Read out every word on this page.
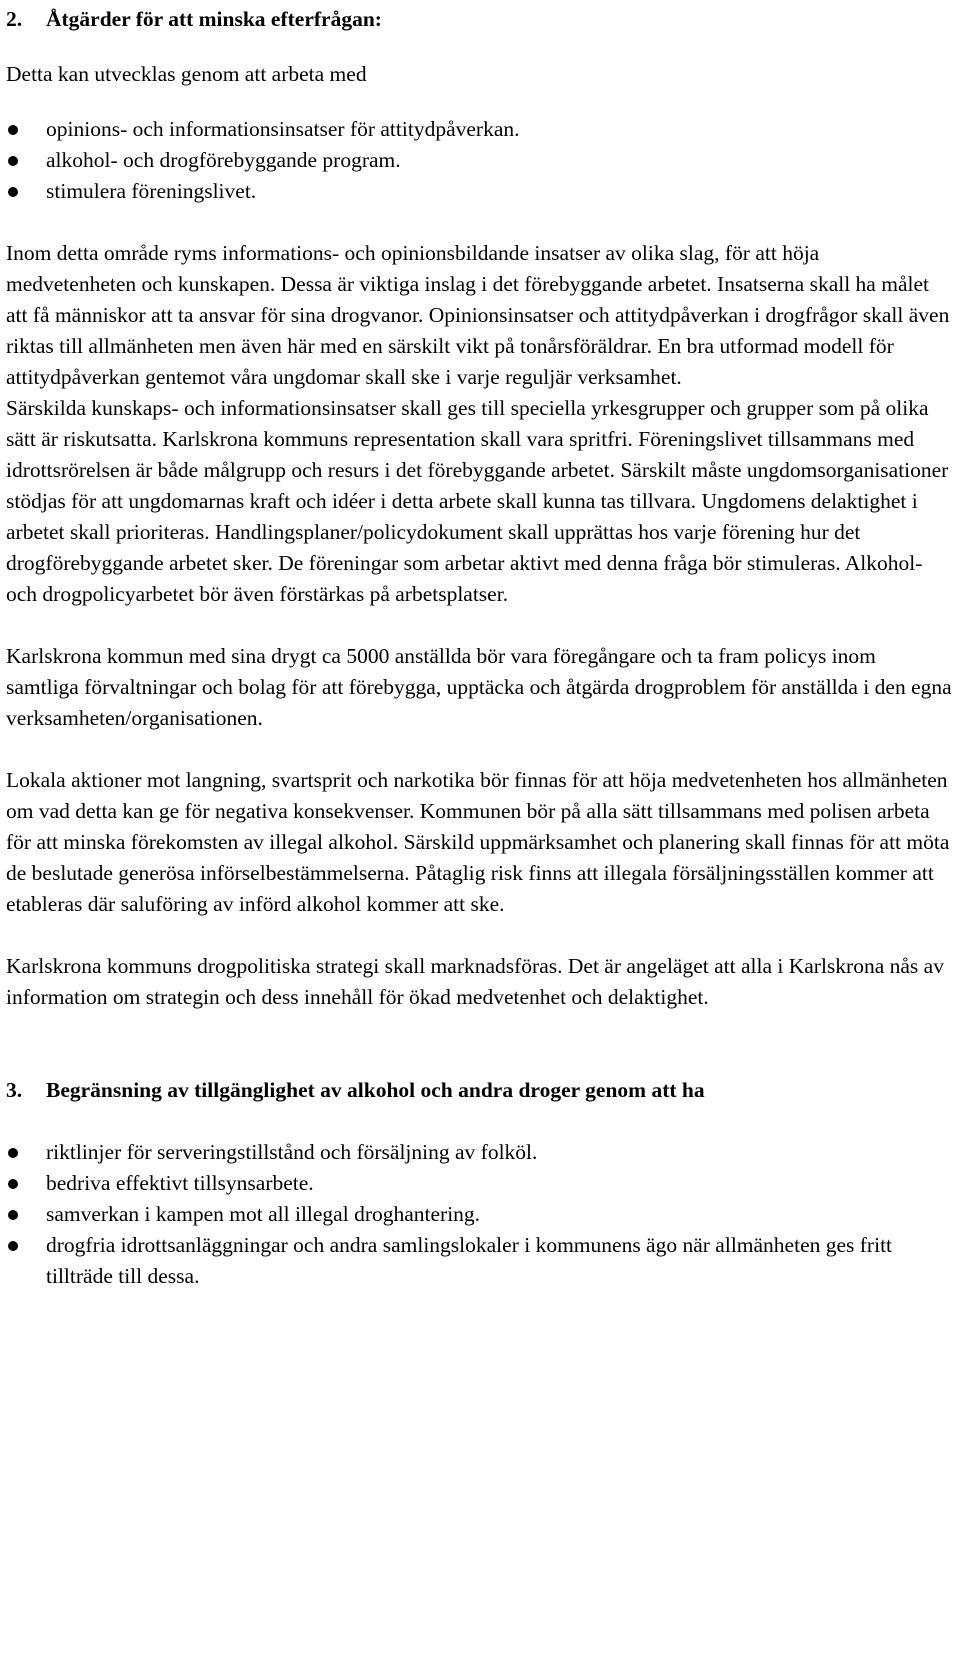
2.	Åtgärder för att minska efterfrågan:

Detta kan utvecklas genom att arbeta med

opinions- och informationsinsatser för attitydpåverkan.
alkohol- och drogförebyggande program.
stimulera föreningslivet.

Inom detta område ryms informations- och opinionsbildande insatser av olika slag, för att höja medvetenheten och kunskapen. Dessa är viktiga inslag i det förebyggande arbetet. Insatserna skall ha målet att få människor att ta ansvar för sina drogvanor. Opinionsinsatser och attitydpåverkan i drogfrågor skall även riktas till allmänheten men även här med en särskilt vikt på tonårsföräldrar. En bra utformad modell för attitydpåverkan gentemot våra ungdomar skall ske i varje reguljär verksamhet.
Särskilda kunskaps- och informationsinsatser skall ges till speciella yrkesgrupper och grupper som på olika sätt är riskutsatta. Karlskrona kommuns representation skall vara spritfri. Föreningslivet tillsammans med idrottsrörelsen är både målgrupp och resurs i det förebyggande arbetet. Särskilt måste ungdomsorganisationer stödjas för att ungdomarnas kraft och idéer i detta arbete skall kunna tas tillvara. Ungdomens delaktighet i arbetet skall prioriteras. Handlingsplaner/policydokument skall upprättas hos varje förening hur det drogförebyggande arbetet sker. De föreningar som arbetar aktivt med denna fråga bör stimuleras. Alkohol- och drogpolicyarbetet bör även förstärkas på arbetsplatser.

Karlskrona kommun med sina drygt ca 5000 anställda bör vara föregångare och ta fram policys inom samtliga förvaltningar och bolag för att förebygga, upptäcka och åtgärda drogproblem för anställda i den egna verksamheten/organisationen.

Lokala aktioner mot langning, svartsprit och narkotika bör finnas för att höja medvetenheten hos allmänheten om vad detta kan ge för negativa konsekvenser. Kommunen bör på alla sätt tillsammans med polisen arbeta för att minska förekomsten av illegal alkohol. Särskild uppmärksamhet och planering skall finnas för att möta  de beslutade generösa införselbestämmelserna. Påtaglig risk finns att illegala försäljningsställen kommer att etableras där saluföring av införd alkohol kommer att ske.

Karlskrona kommuns drogpolitiska strategi skall marknadsföras. Det är angeläget att alla i Karlskrona nås av information om strategin och dess innehåll för ökad medvetenhet och delaktighet.

3.	Begränsning av tillgänglighet av alkohol och andra droger genom att ha
riktlinjer för serveringstillstånd och försäljning av folköl.
bedriva effektivt tillsynsarbete.
samverkan i kampen mot all illegal droghantering.
drogfria idrottsanläggningar och andra samlingslokaler i kommunens ägo när allmänheten ges fritt tillträde till dessa.
